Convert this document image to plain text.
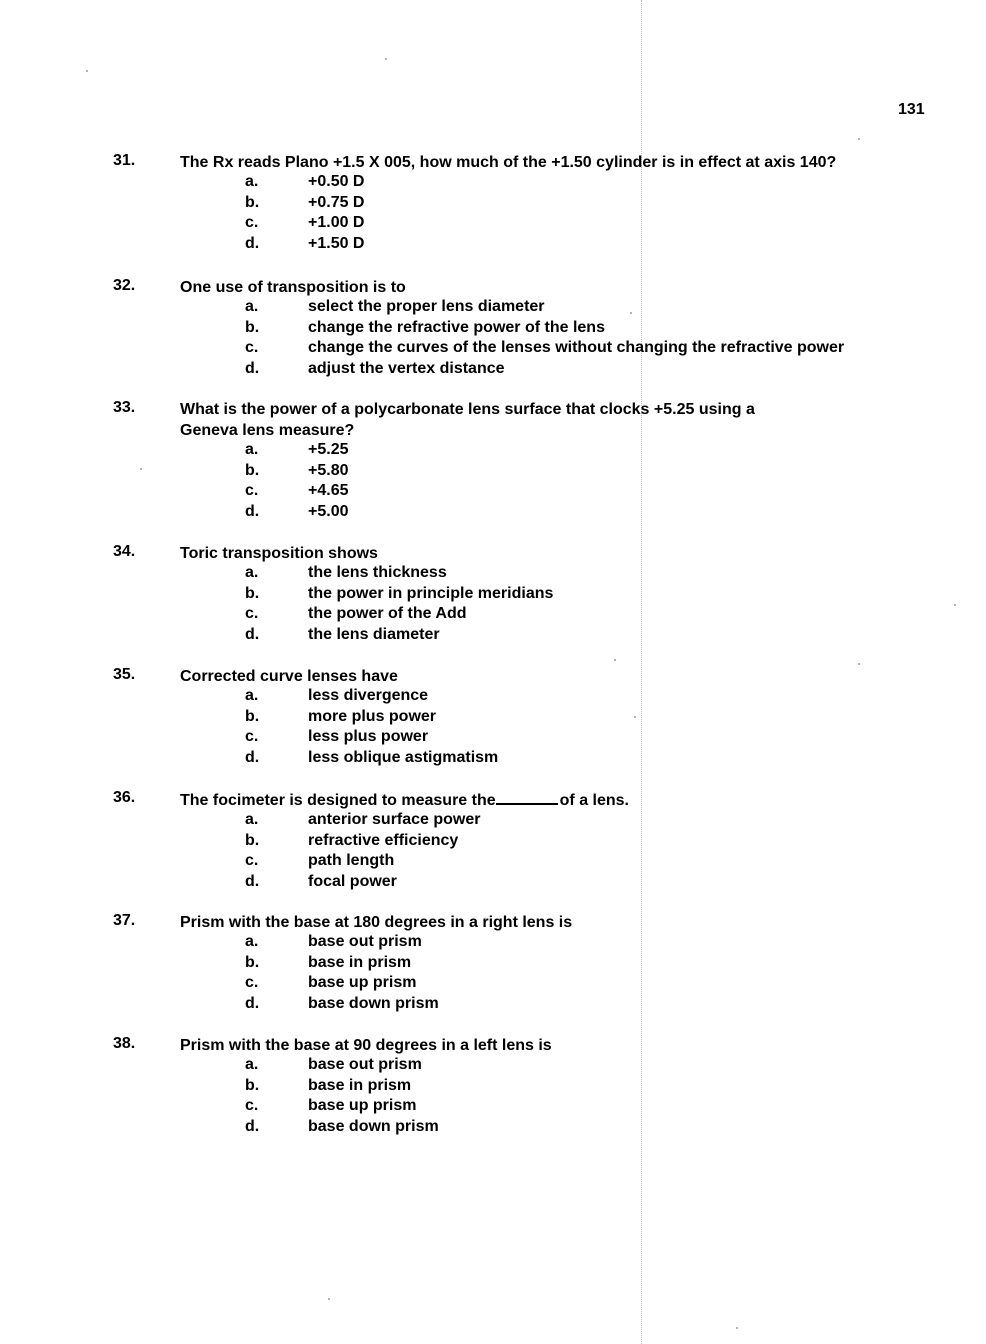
131
31.	The Rx reads Plano +1.5 X 005, how much of the +1.50 cylinder is in effect at axis 140?
a.	+0.50 D
b.	+0.75 D
c.	+1.00 D
d.	+1.50 D
32.	One use of transposition is to
a.	select the proper lens diameter
b.	change the refractive power of the lens
c.	change the curves of the lenses without changing the refractive power
d.	adjust the vertex distance
33.	What is the power of a polycarbonate lens surface that clocks +5.25 using a
Geneva lens measure?
a.	+5.25
b.	+5.80
c.	+4.65
d.	+5.00
34.	Toric transposition shows
a.	the lens thickness
b.	the power in principle meridians
c.	the power of the Add
d.	the lens diameter
35.	Corrected curve lenses have
a.	less divergence
b.	more plus power
c.	less plus power
d.	less oblique astigmatism
36.	The focimeter is designed to measure the	of a lens.
a.	anterior surface power
b.	refractive efficiency
c.	path length
d.	focal power
37.	Prism with the base at 180 degrees in a right lens is
a.	base out prism
b.	base in prism
c.	base up prism
d.	base down prism
38.	Prism with the base at 90 degrees in a left lens is
a.	base out prism
b.	base in prism
c.	base up prism
d.	base down prism
